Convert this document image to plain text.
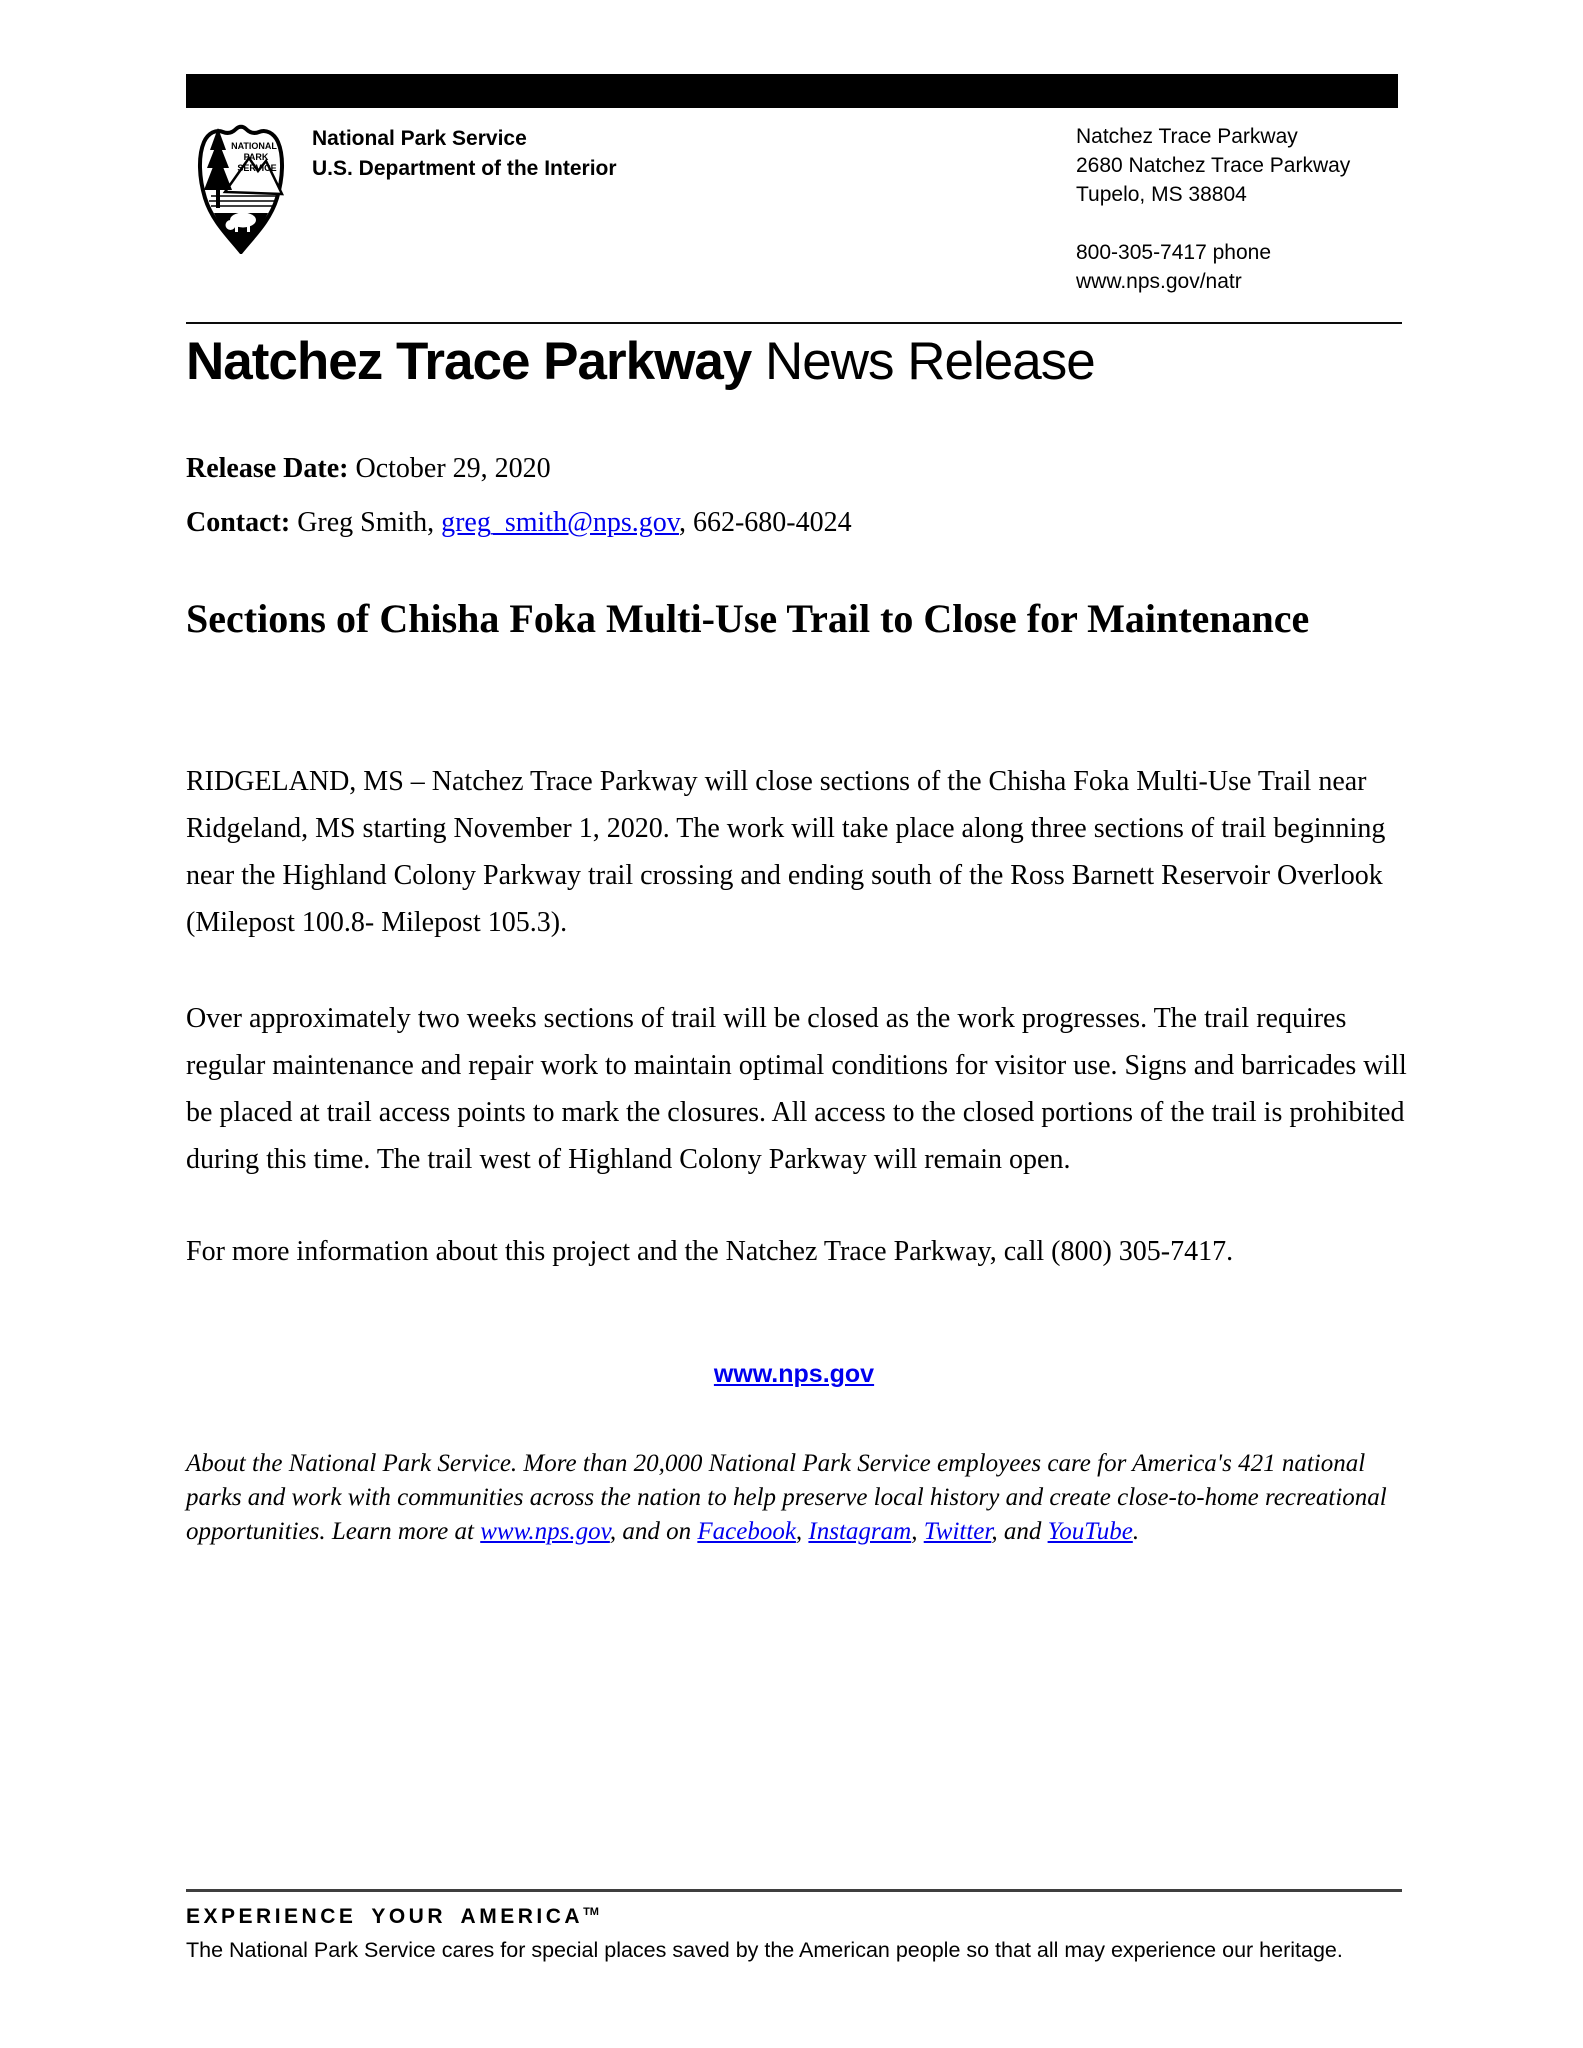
NATIONAL
PARK
SERVICE
National Park Service
U.S. Department of the Interior
Natchez Trace Parkway
2680 Natchez Trace Parkway
Tupelo, MS 38804
800-305-7417 phone
www.nps.gov/natr
Natchez Trace Parkway News Release

Release Date: October 29, 2020

Contact: Greg Smith, greg_smith@nps.gov, 662-680-4024

Sections of Chisha Foka Multi-Use Trail to Close for Maintenance

RIDGELAND, MS – Natchez Trace Parkway will close sections of the Chisha Foka Multi-Use Trail near Ridgeland, MS starting November 1, 2020. The work will take place along three sections of trail beginning near the Highland Colony Parkway trail crossing and ending south of the Ross Barnett Reservoir Overlook (Milepost 100.8- Milepost 105.3).

Over approximately two weeks sections of trail will be closed as the work progresses. The trail requires regular maintenance and repair work to maintain optimal conditions for visitor use. Signs and barricades will be placed at trail access points to mark the closures. All access to the closed portions of the trail is prohibited during this time. The trail west of Highland Colony Parkway will remain open.

For more information about this project and the Natchez Trace Parkway, call (800) 305-7417.

www.nps.gov

About the National Park Service. More than 20,000 National Park Service employees care for America's 421 national parks and work with communities across the nation to help preserve local history and create close-to-home recreational opportunities. Learn more at www.nps.gov, and on Facebook, Instagram, Twitter, and YouTube.

EXPERIENCE YOUR AMERICA™
The National Park Service cares for special places saved by the American people so that all may experience our heritage.
